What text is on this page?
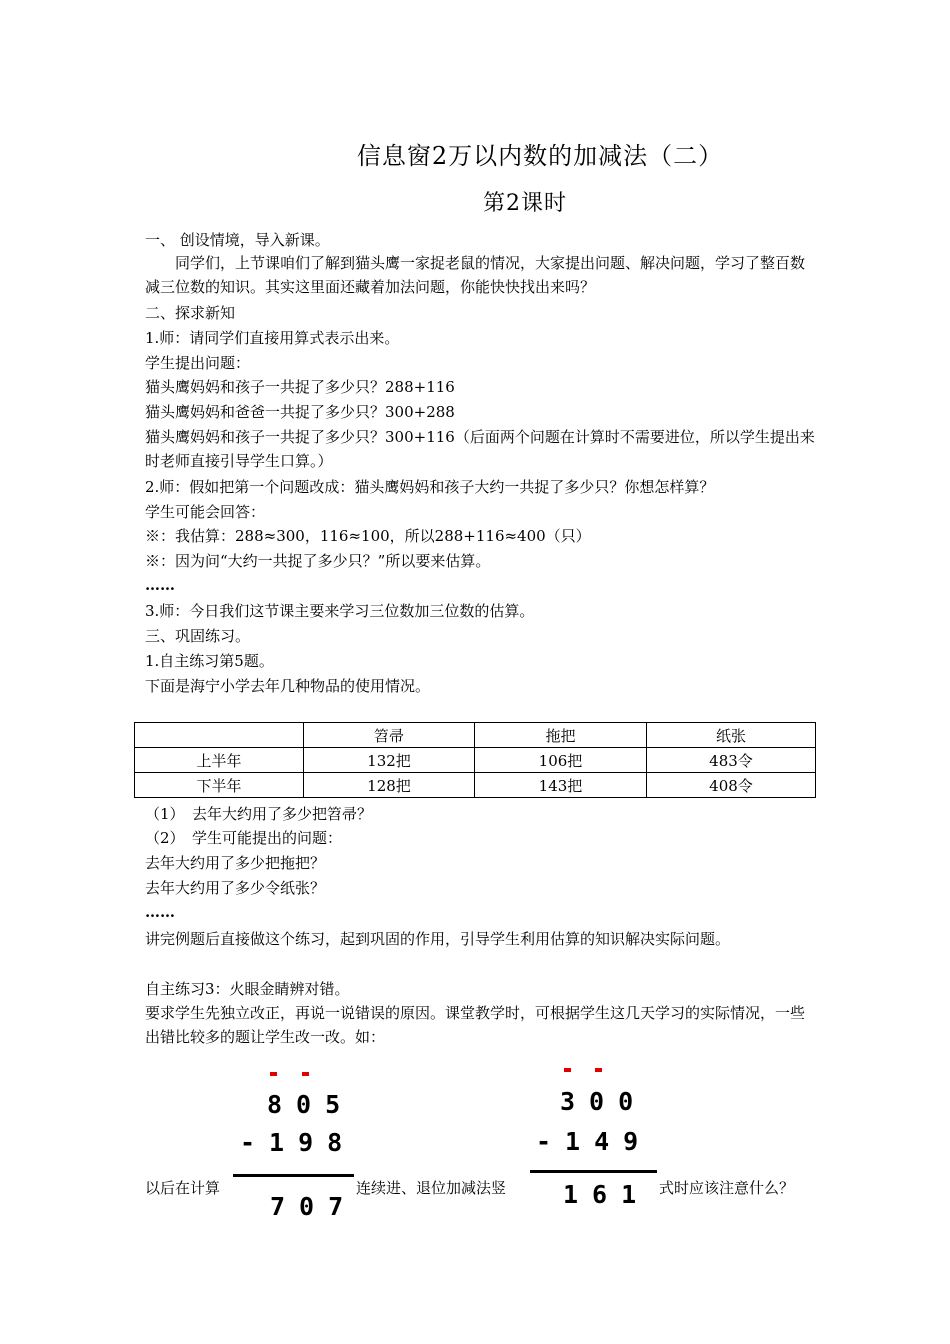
信息窗2万以内数的加减法（二）
第2课时
一、 创设情境，导入新课。
同学们，上节课咱们了解到猫头鹰一家捉老鼠的情况，大家提出问题、解决问题，学习了整百数减三位数的知识。其实这里面还藏着加法问题，你能快快找出来吗？
二、探求新知
1.师：请同学们直接用算式表示出来。
学生提出问题：
猫头鹰妈妈和孩子一共捉了多少只？288+116
猫头鹰妈妈和爸爸一共捉了多少只？300+288
猫头鹰妈妈和孩子一共捉了多少只？300+116（后面两个问题在计算时不需要进位，所以学生提出来时老师直接引导学生口算。）
2.师：假如把第一个问题改成：猫头鹰妈妈和孩子大约一共捉了多少只？你想怎样算？
学生可能会回答：
※：我估算：288≈300，116≈100，所以288+116≈400（只）
※：因为问“大约一共捉了多少只？”所以要来估算。
……
3.师：今日我们这节课主要来学习三位数加三位数的估算。
三、巩固练习。
1.自主练习第5题。
下面是海宁小学去年几种物品的使用情况。
	笤帚	拖把	纸张
上半年	132把	106把	483令
下半年	128把	143把	408令
（1）　去年大约用了多少把笤帚？
（2）　学生可能提出的问题：
去年大约用了多少把拖把？
去年大约用了多少令纸张？
……
讲完例题后直接做这个练习，起到巩固的作用，引导学生利用估算的知识解决实际问题。
自主练习3：火眼金睛辨对错。
要求学生先独立改正，再说一说错误的原因。课堂教学时，可根据学生这几天学习的实际情况，一些出错比较多的题让学生改一改。如：
805
-198
707
300
-149
161
以后在计算	连续进、退位加减法竖	式时应该注意什么？
